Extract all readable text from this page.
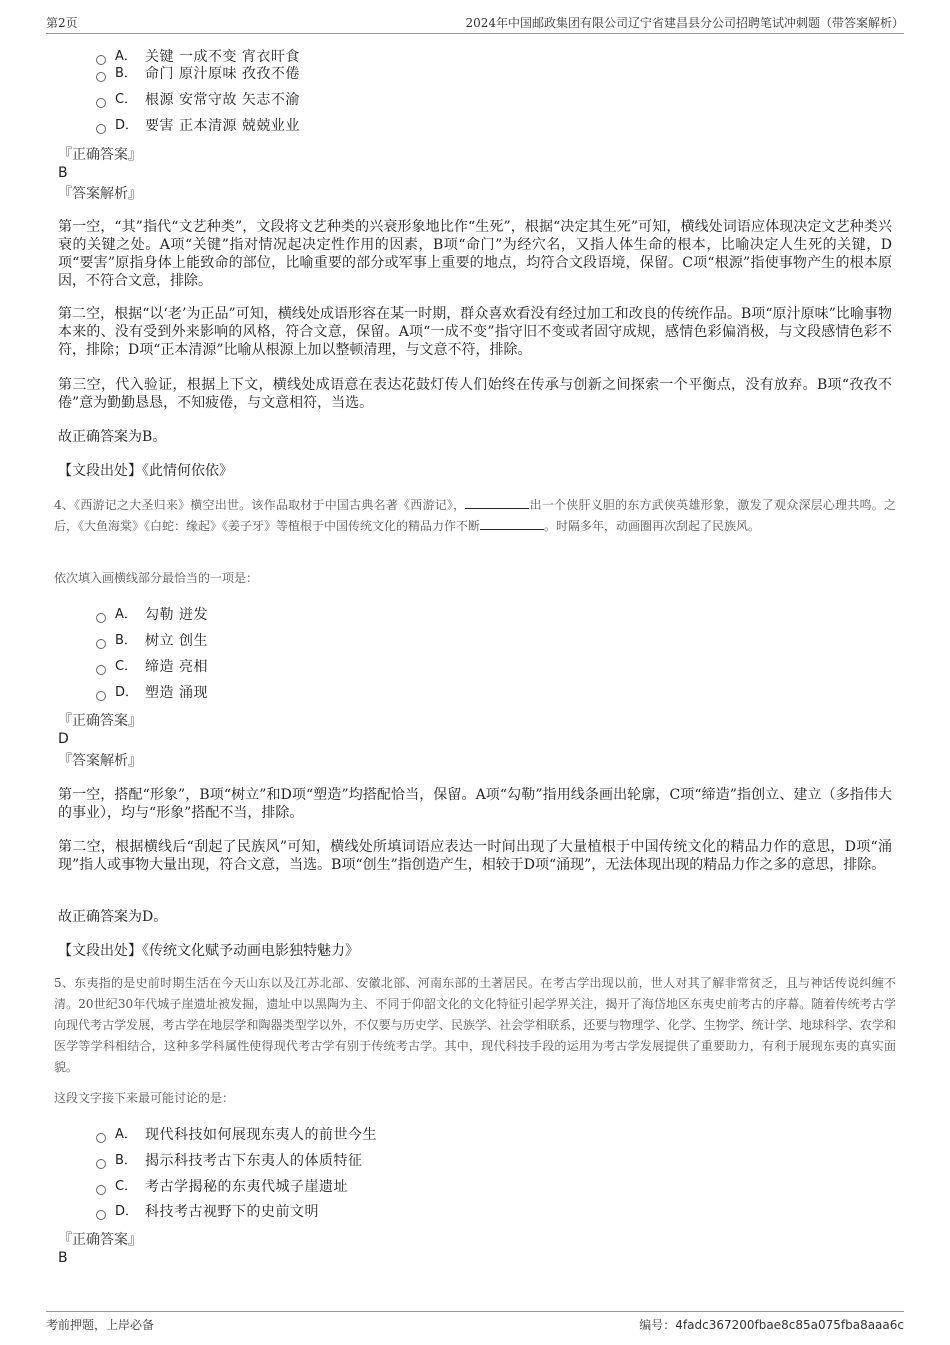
第2页	2024年中国邮政集团有限公司辽宁省建昌县分公司招聘笔试冲刺题（带答案解析）
A． 关键 一成不变 宵衣旰食
B． 命门 原汁原味 孜孜不倦
C． 根源 安常守故 矢志不渝
D． 要害 正本清源 兢兢业业
『正确答案』
B
『答案解析』
第一空，“其”指代“文艺种类”，文段将文艺种类的兴衰形象地比作“生死”，根据“决定其生死”可知，横线处词语应体现决定文艺种类兴衰的关键之处。A项“关键”指对情况起决定性作用的因素，B项“命门”为经穴名，又指人体生命的根本，比喻决定人生死的关键，D项“要害”原指身体上能致命的部位，比喻重要的部分或军事上重要的地点，均符合文段语境，保留。C项“根源”指使事物产生的根本原因，不符合文意，排除。
第二空，根据“以‘老’为正品”可知，横线处成语形容在某一时期，群众喜欢看没有经过加工和改良的传统作品。B项“原汁原味”比喻事物本来的、没有受到外来影响的风格，符合文意，保留。A项“一成不变”指守旧不变或者固守成规，感情色彩偏消极，与文段感情色彩不符，排除；D项“正本清源”比喻从根源上加以整顿清理，与文意不符，排除。
第三空，代入验证，根据上下文，横线处成语意在表达花鼓灯传人们始终在传承与创新之间探索一个平衡点，没有放弃。B项“孜孜不倦”意为勤勤恳恳，不知疲倦，与文意相符，当选。
故正确答案为B。
【文段出处】《此情何依依》
4、《西游记之大圣归来》横空出世。该作品取材于中国古典名著《西游记》，	出一个侠肝义胆的东方武侠英雄形象，激发了观众深层心理共鸣。之后，《大鱼海棠》《白蛇：缘起》《姜子牙》等植根于中国传统文化的精品力作不断	。时隔多年，动画圈再次刮起了民族风。
依次填入画横线部分最恰当的一项是：
A． 勾勒 迸发
B． 树立 创生
C． 缔造 亮相
D． 塑造 涌现
『正确答案』
D
『答案解析』
第一空，搭配“形象”，B项“树立”和D项“塑造”均搭配恰当，保留。A项“勾勒”指用线条画出轮廓，C项“缔造”指创立、建立（多指伟大的事业），均与“形象”搭配不当，排除。
第二空，根据横线后“刮起了民族风”可知，横线处所填词语应表达一时间出现了大量植根于中国传统文化的精品力作的意思，D项“涌现”指人或事物大量出现，符合文意，当选。B项“创生”指创造产生，相较于D项“涌现”，无法体现出现的精品力作之多的意思，排除。
故正确答案为D。
【文段出处】《传统文化赋予动画电影独特魅力》
5、东夷指的是史前时期生活在今天山东以及江苏北部、安徽北部、河南东部的土著居民。在考古学出现以前，世人对其了解非常贫乏，且与神话传说纠缠不清。20世纪30年代城子崖遗址被发掘，遗址中以黑陶为主、不同于仰韶文化的文化特征引起学界关注，揭开了海岱地区东夷史前考古的序幕。随着传统考古学向现代考古学发展，考古学在地层学和陶器类型学以外，不仅要与历史学、民族学、社会学相联系，还要与物理学、化学、生物学、统计学、地球科学、农学和医学等学科相结合，这种多学科属性使得现代考古学有别于传统考古学。其中，现代科技手段的运用为考古学发展提供了重要助力，有利于展现东夷的真实面貌。
这段文字接下来最可能讨论的是：
A． 现代科技如何展现东夷人的前世今生
B． 揭示科技考古下东夷人的体质特征
C． 考古学揭秘的东夷代城子崖遗址
D． 科技考古视野下的史前文明
『正确答案』
B
考前押题，上岸必备	编号：4fadc367200fbae8c85a075fba8aaa6c
